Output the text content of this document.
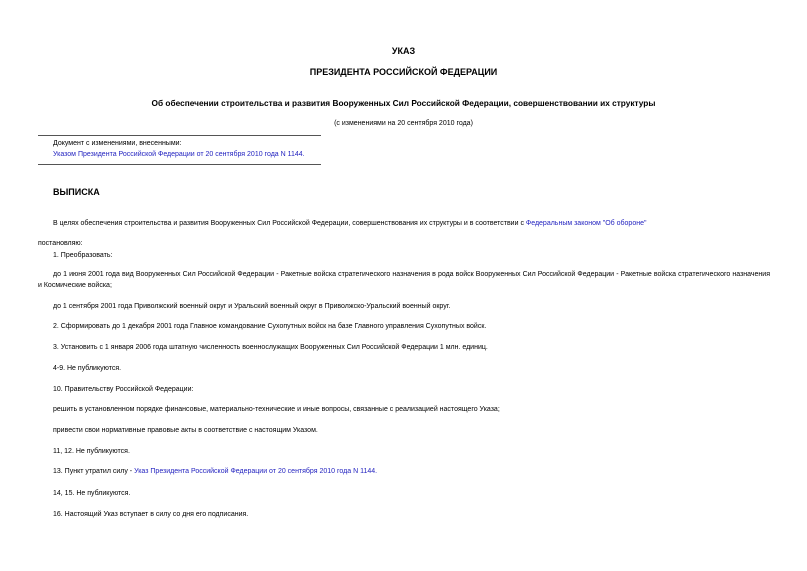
УКАЗ
ПРЕЗИДЕНТА РОССИЙСКОЙ ФЕДЕРАЦИИ
Об обеспечении строительства и развития Вооруженных Сил Российской Федерации, совершенствовании их структуры
(с изменениями на 20 сентября 2010 года)
Документ с изменениями, внесенными:
Указом Президента Российской Федерации от 20 сентября 2010 года N 1144.
ВЫПИСКА
В целях обеспечения строительства и развития Вооруженных Сил Российской Федерации, совершенствования их структуры и в соответствии с Федеральным законом "Об обороне"
постановляю:
1. Преобразовать:
до 1 июня 2001 года вид Вооруженных Сил Российской Федерации - Ракетные войска стратегического назначения в рода войск Вооруженных Сил Российской Федерации - Ракетные войска стратегического назначения и Космические войска;
до 1 сентября 2001 года Приволжский военный округ и Уральский военный округ в Приволжско-Уральский военный округ.
2. Сформировать до 1 декабря 2001 года Главное командование Сухопутных войск на базе Главного управления Сухопутных войск.
3. Установить с 1 января 2006 года штатную численность военнослужащих Вооруженных Сил Российской Федерации 1 млн. единиц.
4-9. Не публикуются.
10. Правительству Российской Федерации:
решить в установленном порядке финансовые, материально-технические и иные вопросы, связанные с реализацией настоящего Указа;
привести свои нормативные правовые акты в соответствие с настоящим Указом.
11, 12. Не публикуются.
13. Пункт утратил силу - Указ Президента Российской Федерации от 20 сентября 2010 года N 1144.
14, 15. Не публикуются.
16. Настоящий Указ вступает в силу со дня его подписания.
